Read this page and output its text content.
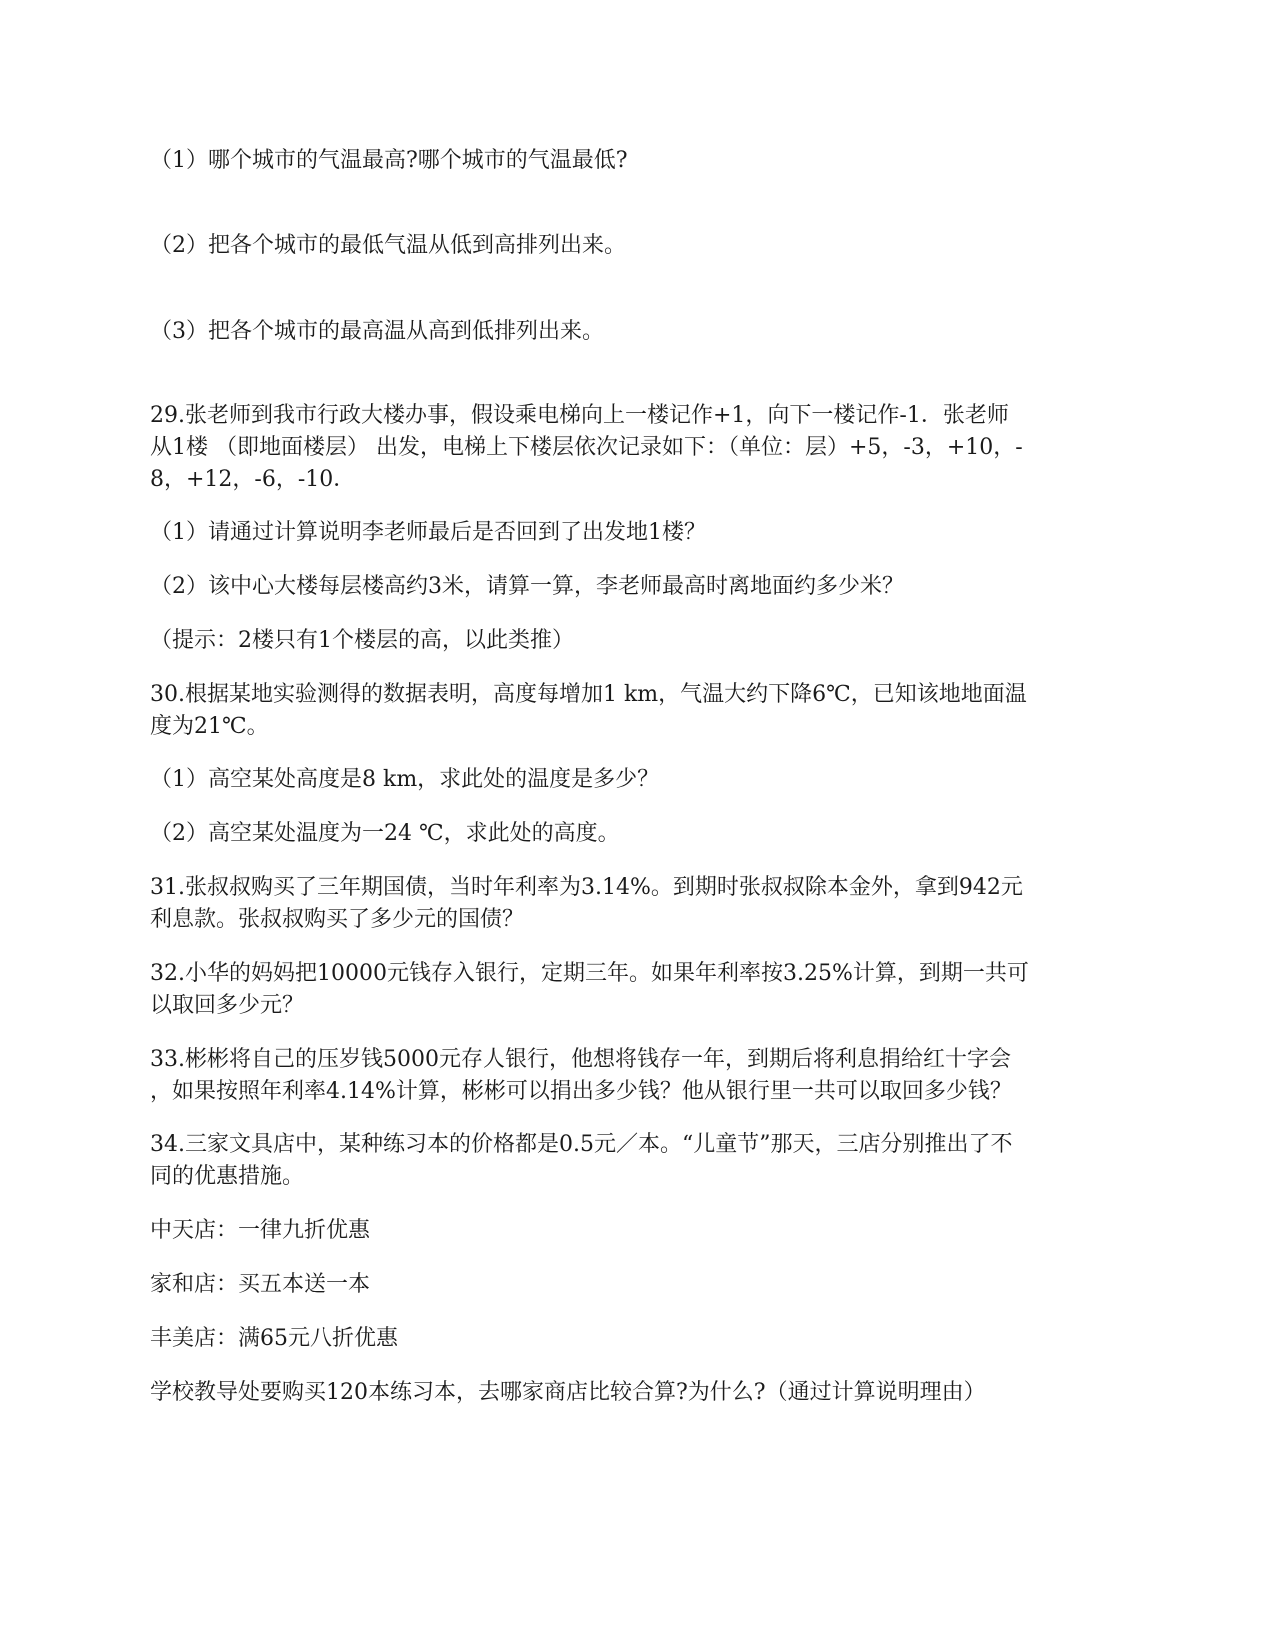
（1）哪个城市的气温最高?哪个城市的气温最低?
（2）把各个城市的最低气温从低到高排列出来。
（3）把各个城市的最高温从高到低排列出来。
29.张老师到我市行政大楼办事，假设乘电梯向上一楼记作+1，向下一楼记作-1．张老师
从1楼 （即地面楼层） 出发，电梯上下楼层依次记录如下：（单位：层）+5，-3，+10，-
8，+12，-6，-10．
（1）请通过计算说明李老师最后是否回到了出发地1楼？
（2）该中心大楼每层楼高约3米，请算一算，李老师最高时离地面约多少米？
（提示：2楼只有1个楼层的高，以此类推）
30.根据某地实验测得的数据表明，高度每增加1 km，气温大约下降6℃，已知该地地面温
度为21℃。
（1）高空某处高度是8 km，求此处的温度是多少？
（2）高空某处温度为一24 ℃，求此处的高度。
31.张叔叔购买了三年期国债，当时年利率为3.14%。到期时张叔叔除本金外，拿到942元
利息款。张叔叔购买了多少元的国债？
32.小华的妈妈把10000元钱存入银行，定期三年。如果年利率按3.25%计算，到期一共可
以取回多少元？
33.彬彬将自己的压岁钱5000元存人银行，他想将钱存一年，到期后将利息捐给红十字会
，如果按照年利率4.14%计算，彬彬可以捐出多少钱？他从银行里一共可以取回多少钱？
34.三家文具店中，某种练习本的价格都是0.5元／本。“儿童节”那天，三店分别推出了不
同的优惠措施。
中天店：一律九折优惠
家和店：买五本送一本
丰美店：满65元八折优惠
学校教导处要购买120本练习本，去哪家商店比较合算?为什么?（通过计算说明理由）
